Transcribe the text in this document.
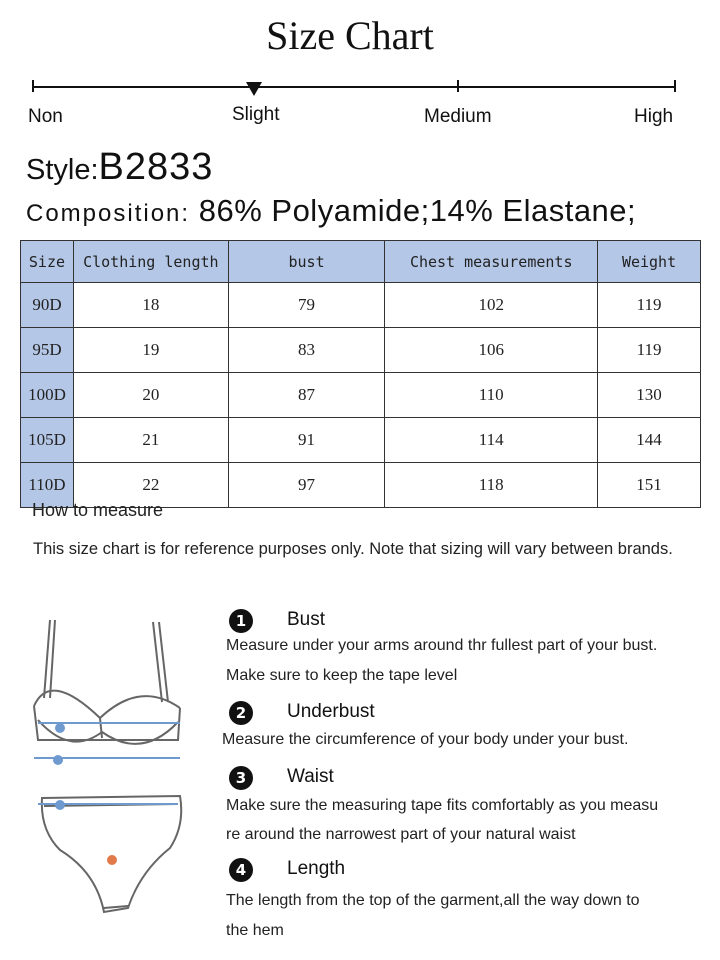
Size Chart
Non	Slight	Medium	High
Style:B2833
Composition: 86% Polyamide;14% Elastane;
Size	Clothing length	bust	Chest measurements	Weight
90D	18	79	102	119
95D	19	83	106	119
100D	20	87	110	130
105D	21	91	114	144
110D	22	97	118	151
How to measure
This size chart is for reference purposes only. Note that sizing will vary between brands.
1	Bust
Measure under your arms around thr fullest part of your bust.
Make sure to keep the tape level
2	Underbust
Measure the circumference of your body under your bust.
3	Waist
Make sure the measuring tape fits comfortably as you measu
re around the narrowest part of your natural waist
4	Length
The length from the top of the garment,all the way down to
the hem
